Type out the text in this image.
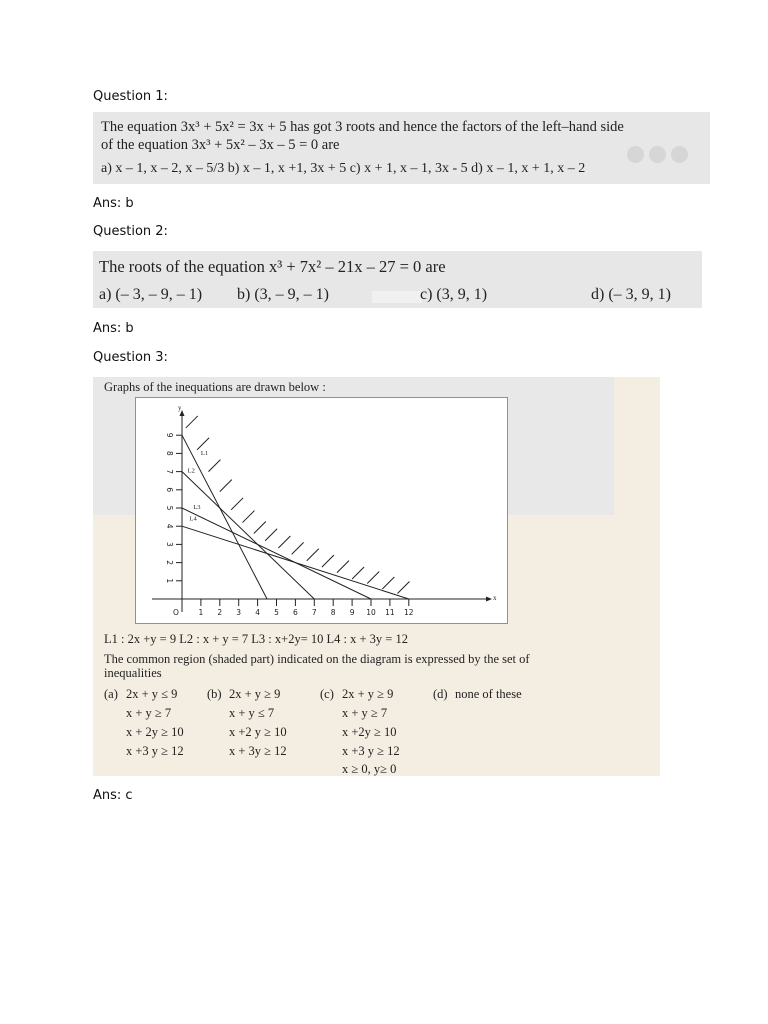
Question 1:
The equation 3x³ + 5x² = 3x + 5 has got 3 roots and hence the factors of the left–hand side
of the equation 3x³ + 5x² – 3x – 5 = 0 are
a) x – 1, x – 2, x – 5/3 b) x – 1, x +1, 3x + 5 c) x + 1, x – 1, 3x - 5 d) x – 1, x + 1, x – 2
Ans: b
Question 2:
The roots of the equation x³ + 7x² – 21x – 27 = 0 are
a) (– 3, – 9, – 1) b) (3, – 9, – 1)	c) (3, 9, 1)	d) (– 3, 9, 1)
Ans: b
Question 3:
Graphs of the inequations are drawn below :
x
y
O	1 2 3 4 5 6 7 8 9 10 11 12
1
2
3
4
5
6
7
8
9
L1
L2
L3
L4
L1 : 2x +y = 9 L2 : x + y = 7 L3 : x+2y= 10 L4 : x + 3y = 12
The common region (shaded part) indicated on the diagram is expressed by the set of
inequalities
(a) 2x + y ≤ 9
x + y ≥ 7
x + 2y ≥ 10
x +3 y ≥ 12
(b) 2x + y ≥ 9
x + y ≤ 7
x +2 y ≥ 10
x + 3y ≥ 12
(c) 2x + y ≥ 9
x + y ≥ 7
x +2y ≥ 10
x +3 y ≥ 12
x ≥ 0, y≥ 0
(d) none of these
Ans: c
